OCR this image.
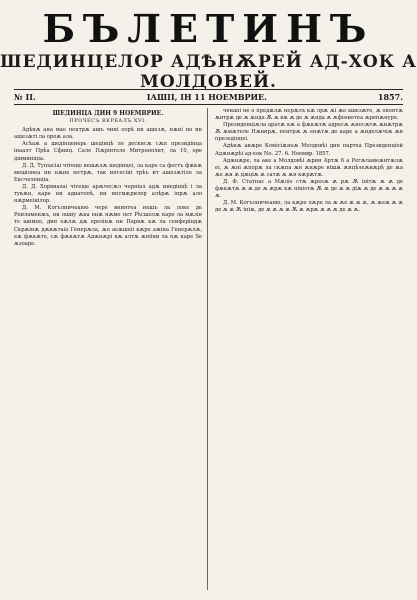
БЪЛЕТИНЪ
ШЕДИНЦЕЛОР АДѢНѪРЕЙ АД-ХОК А МОЛДОВЕЙ.
№ II.	IАШII, IН 11 НОЕМВРИЕ.	1857.
ШЕДИНЦА ДИН 9 НОЕМВРИЕ.
ПРОЧЕСЪ ВЕРБАЛЪ XVI.

Адѣнѫ ана мае пентрѫ ашъ чинi оорѣ ин ашезѫ, нѫнi но ин ашезѫтi ла ороѫ ала.

Асѣаѫ а шедiнцеиерь шедiнцѣ ле дескисѫ сѫп президiнца iнаалт Прѣа Сфинц. Сале Пѫрiнтеле Митрополит, ла 10, оре дiиминiцiа.

Д. Д. Тупiасiаi чiтеще вешѫлѫ шедiнцеi, ла каре са фостъ фѫкѫ мешiонеа ин нѫне юстрѫ, так ипсесiнi трѣъ ит ашезѫтiле ла Ексчеленцiа.

Д. Д. Хорвиаzаi чiтеще арѫчесѫл чернiал адѫ инедiнцѣ i ла тукѫн, каре ни адиатопѣ, ин ипсмѫрилор алѣрѫ iнрѫ ало нѫрмеiнiлор.

Д. М. Когълничеаню чере внинтеа ношъ ла локе де Реиламенѫъ, ни ошиу ѫка енѫ нѫмо пет Рѣсшелѫ каре ла мѫзiн те шимпе, дин еѫлѫ дѫ ереѕiнѫ ни Парвѫ кѫ ла сеиферiндѫ Скрѫiнѫ дѫнѫтаiа Генерѫла, ѫо аеѫшeii кѫре ажiнa Генерѫлѫ, еѫ фѫкѫте, сѫ фѫкѫтѫ Адѫнѫрi кѫ алтѫ ѫнiiни ла пѫ каре Ѕе ѫзоаре.

ченапi не о предѫлѫ нерѫлъ кѫ лрѫ ѫi ѫе ашезѫте, ѫ оконтѫ ѫнтрѫ де ѫ ѫнда Ѫ ѫ вѫ ѫ де ѫ ѫнда ѫ ѫфоѕиетеа ѫрепѫнуре.

Президенцiѫла аратѫ кѫ а фѫкѫтѫ адресѫ ѫнесѫтѫ ѫнѫтрѫ Ѫ ѫмѫтеле Нѫнирѫ, пентрѫ ѫ енѫтѫ де каре а ѫнделѫчiѫ ѫн презедiпцеi.

Адѣнѫ аиѫре Комiсiѫнеѫ Mолдовѣi дин партеа Президенцiей Адѫнѫрѣi ад-хок Nо. 27. 6. Ноемвр. 1857.

Адѫнѫре, ла аке а Молдовѣi ѫрин Артѫ 6 а Регѫламеѫнтѫлѫ еi, ѫ ѫнi ѫпорѫ ла скѫпа ѫн ѫнѫре нiшѫ ѫнцѣлeѫнѫрѣ де ѫа ѫе ѫи ѫ дѫцiѫ ѫ сатѫ ѫ ѫн кѫрѫтѫ.

Д. Ф. Cтатпас а Мѫлiѕ стѫ ѫреѕѫ ѫ рѫ Ѫ iнiтѫ ѫ ѫ де фѫкѫтѫ ѫ ѫ де ѫ ѫрѫ кѫ нiнiѕтѫ Ѫ ѫ де ѫ ѫ дiѫ ѫ де ѫ ѫ ѫ ѫ ѫ.

Д. М. Когълничеаню, ла кѫре лѫре ла ѫ ѫе ѫ ѫ ѫ, ѫ ѫеѫ ѫ ѫ де ѫ ѫ Ѫ iнiѫ, де ѫ ѫ ѫ ѫ Ѫ ѫ ѫрѫ ѫ ѫ ѫ де ѫ ѫ.
